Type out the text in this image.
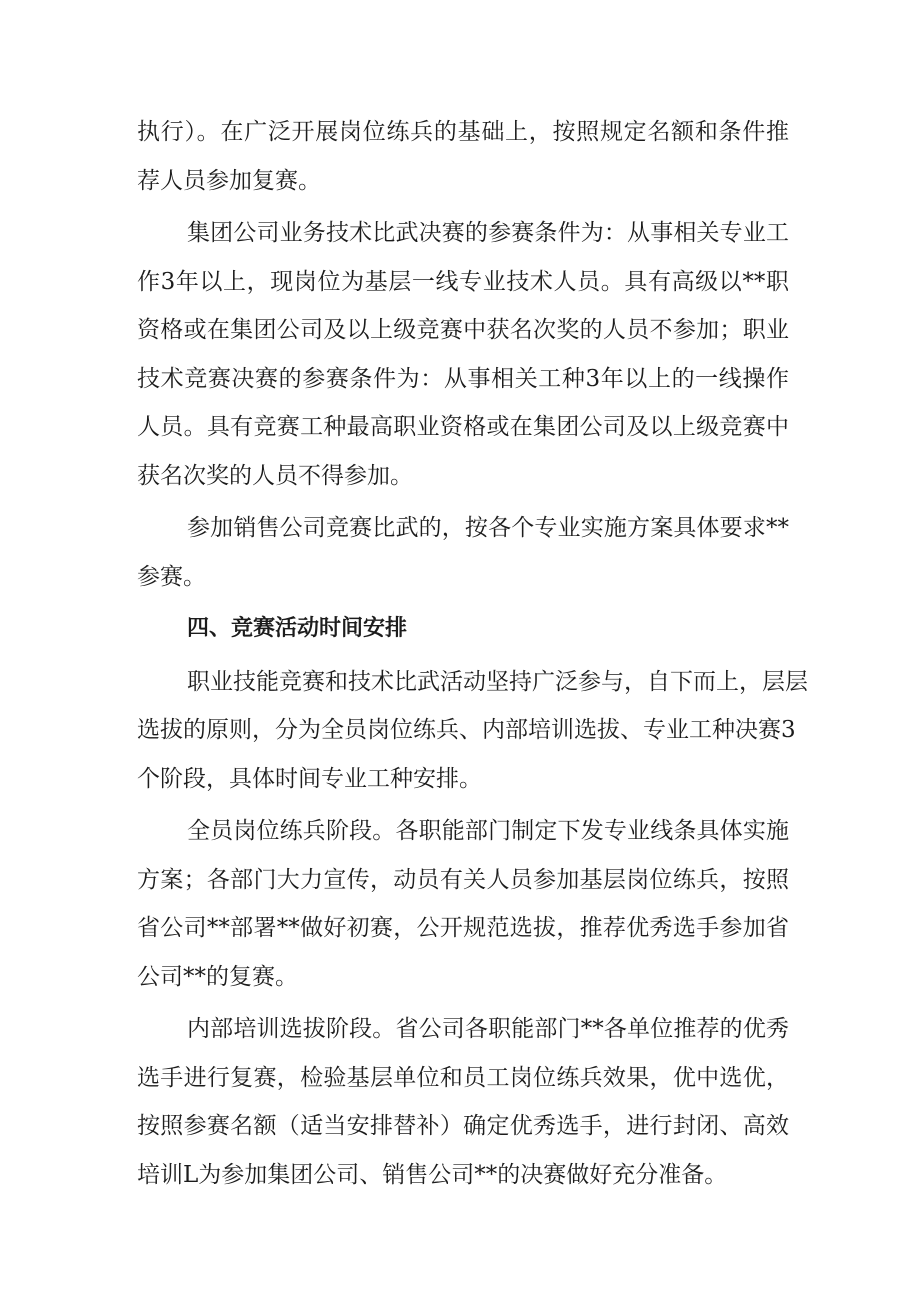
执行）。在广泛开展岗位练兵的基础上，按照规定名额和条件推
荐人员参加复赛。
集团公司业务技术比武决赛的参赛条件为：从事相关专业工
作3年以上，现岗位为基层一线专业技术人员。具有高级以**职
资格或在集团公司及以上级竞赛中获名次奖的人员不参加；职业
技术竞赛决赛的参赛条件为：从事相关工种3年以上的一线操作
人员。具有竞赛工种最高职业资格或在集团公司及以上级竞赛中
获名次奖的人员不得参加。
参加销售公司竞赛比武的，按各个专业实施方案具体要求**
参赛。
四、竞赛活动时间安排
职业技能竞赛和技术比武活动坚持广泛参与，自下而上，层层
选拔的原则，分为全员岗位练兵、内部培训选拔、专业工种决赛3
个阶段，具体时间专业工种安排。
全员岗位练兵阶段。各职能部门制定下发专业线条具体实施
方案；各部门大力宣传，动员有关人员参加基层岗位练兵，按照
省公司**部署**做好初赛，公开规范选拔，推荐优秀选手参加省
公司**的复赛。
内部培训选拔阶段。省公司各职能部门**各单位推荐的优秀
选手进行复赛，检验基层单位和员工岗位练兵效果，优中选优，
按照参赛名额（适当安排替补）确定优秀选手，进行封闭、高效
培训L为参加集团公司、销售公司**的决赛做好充分准备。
